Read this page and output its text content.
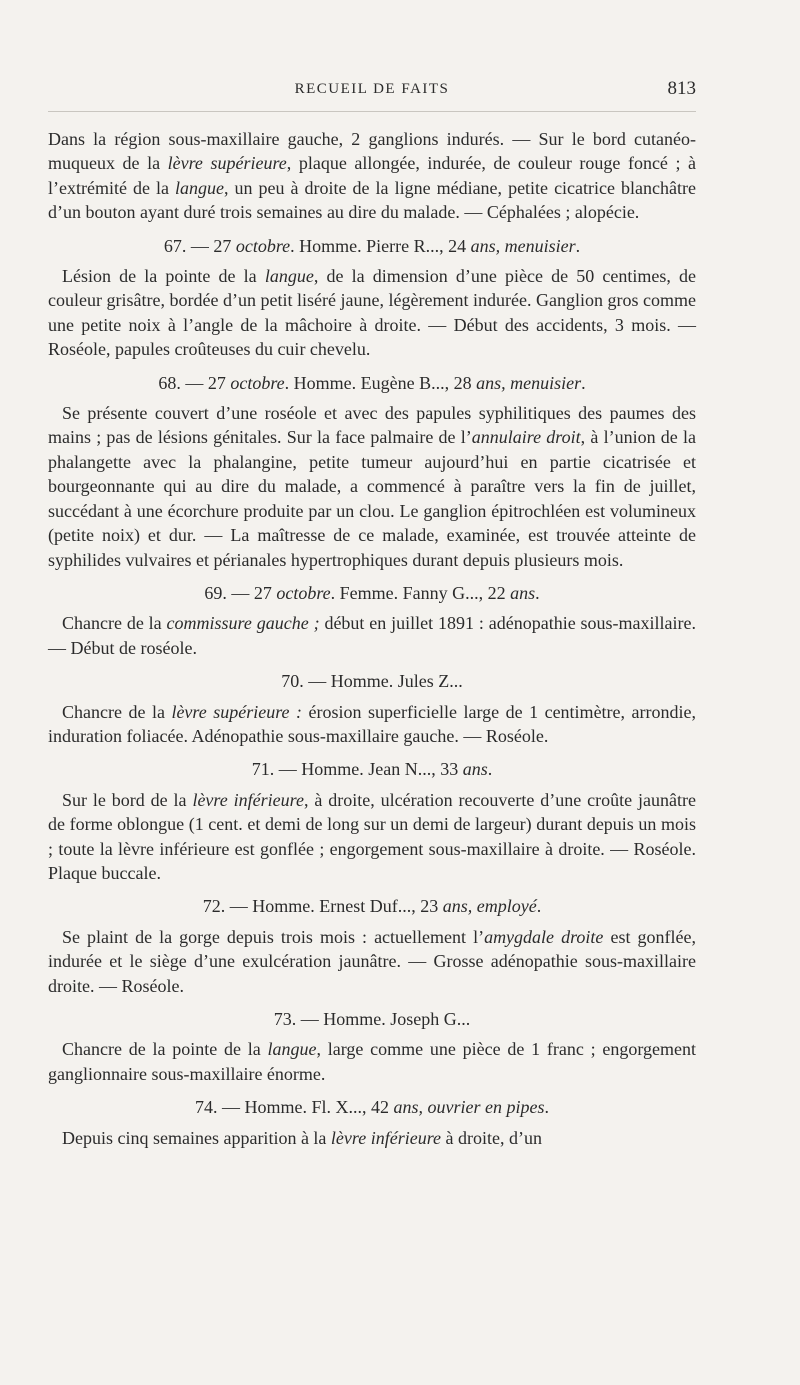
RECUEIL DE FAITS	813

Dans la région sous-maxillaire gauche, 2 ganglions indurés. — Sur le bord cutanéo-muqueux de la lèvre supérieure, plaque allongée, indurée, de couleur rouge foncé ; à l’extrémité de la langue, un peu à droite de la ligne médiane, petite cicatrice blanchâtre d’un bouton ayant duré trois semaines au dire du malade. — Céphalées ; alopécie.

67. — 27 octobre. Homme. Pierre R..., 24 ans, menuisier.

Lésion de la pointe de la langue, de la dimension d’une pièce de 50 centimes, de couleur grisâtre, bordée d’un petit liséré jaune, légèrement indurée. Ganglion gros comme une petite noix à l’angle de la mâchoire à droite. — Début des accidents, 3 mois. — Roséole, papules croûteuses du cuir chevelu.

68. — 27 octobre. Homme. Eugène B..., 28 ans, menuisier.

Se présente couvert d’une roséole et avec des papules syphilitiques des paumes des mains ; pas de lésions génitales. Sur la face palmaire de l’annulaire droit, à l’union de la phalangette avec la phalangine, petite tumeur aujourd’hui en partie cicatrisée et bourgeonnante qui au dire du malade, a commencé à paraître vers la fin de juillet, succédant à une écorchure produite par un clou. Le ganglion épitrochléen est volumineux (petite noix) et dur. — La maîtresse de ce malade, examinée, est trouvée atteinte de syphilides vulvaires et périanales hypertrophiques durant depuis plusieurs mois.

69. — 27 octobre. Femme. Fanny G..., 22 ans.

Chancre de la commissure gauche ; début en juillet 1891 : adénopathie sous-maxillaire. — Début de roséole.

70. — Homme. Jules Z...

Chancre de la lèvre supérieure : érosion superficielle large de 1 centimètre, arrondie, induration foliacée. Adénopathie sous-maxillaire gauche. — Roséole.

71. — Homme. Jean N..., 33 ans.

Sur le bord de la lèvre inférieure, à droite, ulcération recouverte d’une croûte jaunâtre de forme oblongue (1 cent. et demi de long sur un demi de largeur) durant depuis un mois ; toute la lèvre inférieure est gonflée ; engorgement sous-maxillaire à droite. — Roséole. Plaque buccale.

72. — Homme. Ernest Duf..., 23 ans, employé.

Se plaint de la gorge depuis trois mois : actuellement l’amygdale droite est gonflée, indurée et le siège d’une exulcération jaunâtre. — Grosse adénopathie sous-maxillaire droite. — Roséole.

73. — Homme. Joseph G...

Chancre de la pointe de la langue, large comme une pièce de 1 franc ; engorgement ganglionnaire sous-maxillaire énorme.

74. — Homme. Fl. X..., 42 ans, ouvrier en pipes.

Depuis cinq semaines apparition à la lèvre inférieure à droite, d’un
